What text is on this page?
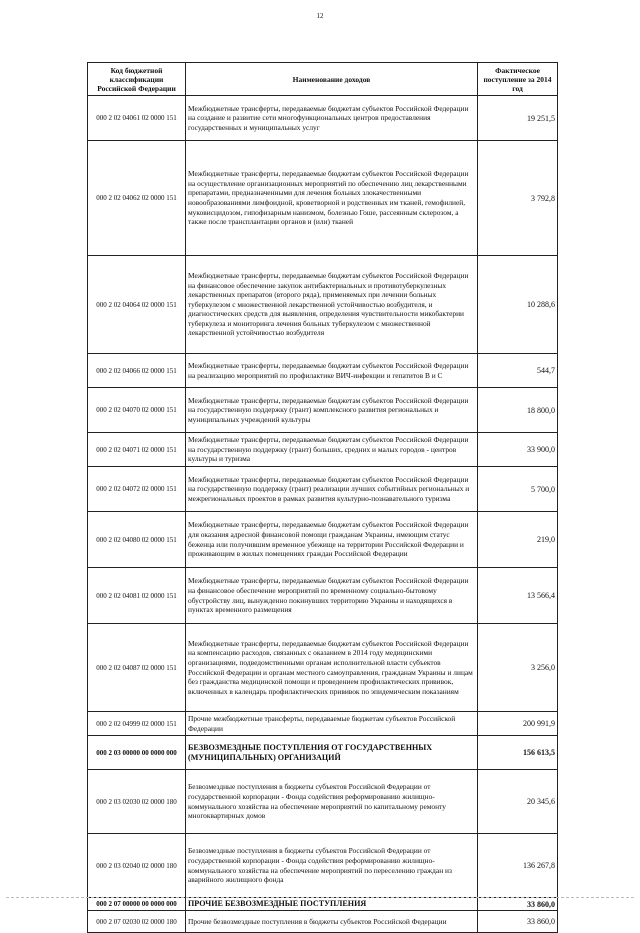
12
Код бюджетной классификации Российской Федерации	Наименование доходов	Фактическое поступление за 2014 год
000 2 02 04061 02 0000 151	Межбюджетные трансферты, передаваемые бюджетам субъектов Российской Федерации на создание и развитие сети многофункциональных центров предоставления государственных и муниципальных услуг	19 251,5
000 2 02 04062 02 0000 151	Межбюджетные трансферты, передаваемые бюджетам субъектов Российской Федерации на осуществление организационных мероприятий по обеспечению лиц лекарственными препаратами, предназначенными для лечения больных злокачественными новообразованиями лимфоидной, кроветворной и родственных им тканей, гемофилией, муковисцидозом, гипофизарным нанизмом, болезнью Гоше, рассеянным склерозом, а также после трансплантации органов и (или) тканей	3 792,8
000 2 02 04064 02 0000 151	Межбюджетные трансферты, передаваемые бюджетам субъектов Российской Федерации на финансовое обеспечение закупок антибактериальных и противотуберкулезных лекарственных препаратов (второго ряда), применяемых при лечении больных туберкулезом с множественной лекарственной устойчивостью возбудителя, и диагностических средств для выявления, определения чувствительности микобактерии туберкулеза и мониторинга лечения больных туберкулезом с множественной лекарственной устойчивостью возбудителя	10 288,6
000 2 02 04066 02 0000 151	Межбюджетные трансферты, передаваемые бюджетам субъектов Российской Федерации на реализацию мероприятий по профилактике ВИЧ-инфекции и гепатитов В и С	544,7
000 2 02 04070 02 0000 151	Межбюджетные трансферты, передаваемые бюджетам субъектов Российской Федерации на государственную поддержку (грант) комплексного развития региональных и муниципальных учреждений культуры	18 800,0
000 2 02 04071 02 0000 151	Межбюджетные трансферты, передаваемые бюджетам субъектов Российской Федерации на государственную поддержку (грант) больших, средних и малых городов - центров культуры и туризма	33 900,0
000 2 02 04072 02 0000 151	Межбюджетные трансферты, передаваемые бюджетам субъектов Российской Федерации на государственную поддержку (грант) реализации лучших событийных региональных и межрегиональных проектов в рамках развития культурно-познавательного туризма	5 700,0
000 2 02 04080 02 0000 151	Межбюджетные трансферты, передаваемые бюджетам субъектов Российской Федерации для оказания адресной финансовой помощи гражданам Украины, имеющим статус беженца или получившим временное убежище на территории Российской Федерации и проживающим в жилых помещениях граждан Российской Федерации	219,0
000 2 02 04081 02 0000 151	Межбюджетные трансферты, передаваемые бюджетам субъектов Российской Федерации на финансовое обеспечение мероприятий по временному социально-бытовому обустройству лиц, вынужденно покинувших территорию Украины и находящихся в пунктах временного размещения	13 566,4
000 2 02 04087 02 0000 151	Межбюджетные трансферты, передаваемые бюджетам субъектов Российской Федерации на компенсацию расходов, связанных с оказанием в 2014 году медицинскими организациями, подведомственными органам исполнительной власти субъектов Российской Федерации и органам местного самоуправления, гражданам Украины и лицам без гражданства медицинской помощи и проведением профилактических прививок, включенных в календарь профилактических прививок по эпидемическим показаниям	3 256,0
000 2 02 04999 02 0000 151	Прочие межбюджетные трансферты, передаваемые бюджетам субъектов Российской Федерации	200 991,9
000 2 03 00000 00 0000 000	БЕЗВОЗМЕЗДНЫЕ ПОСТУПЛЕНИЯ ОТ ГОСУДАРСТВЕННЫХ (МУНИЦИПАЛЬНЫХ) ОРГАНИЗАЦИЙ	156 613,5
000 2 03 02030 02 0000 180	Безвозмездные поступления в бюджеты субъектов Российской Федерации от государственной корпорации - Фонда содействия реформированию жилищно-коммунального хозяйства на обеспечение мероприятий по капитальному ремонту многоквартирных домов	20 345,6
000 2 03 02040 02 0000 180	Безвозмездные поступления в бюджеты субъектов Российской Федерации от государственной корпорации - Фонда содействия реформированию жилищно-коммунального хозяйства на обеспечение мероприятий по переселению граждан из аварийного жилищного фонда	136 267,8
000 2 07 00000 00 0000 000	ПРОЧИЕ БЕЗВОЗМЕЗДНЫЕ ПОСТУПЛЕНИЯ	33 860,0
000 2 07 02030 02 0000 180	Прочие безвозмездные поступления в бюджеты субъектов Российской Федерации	33 860,0
